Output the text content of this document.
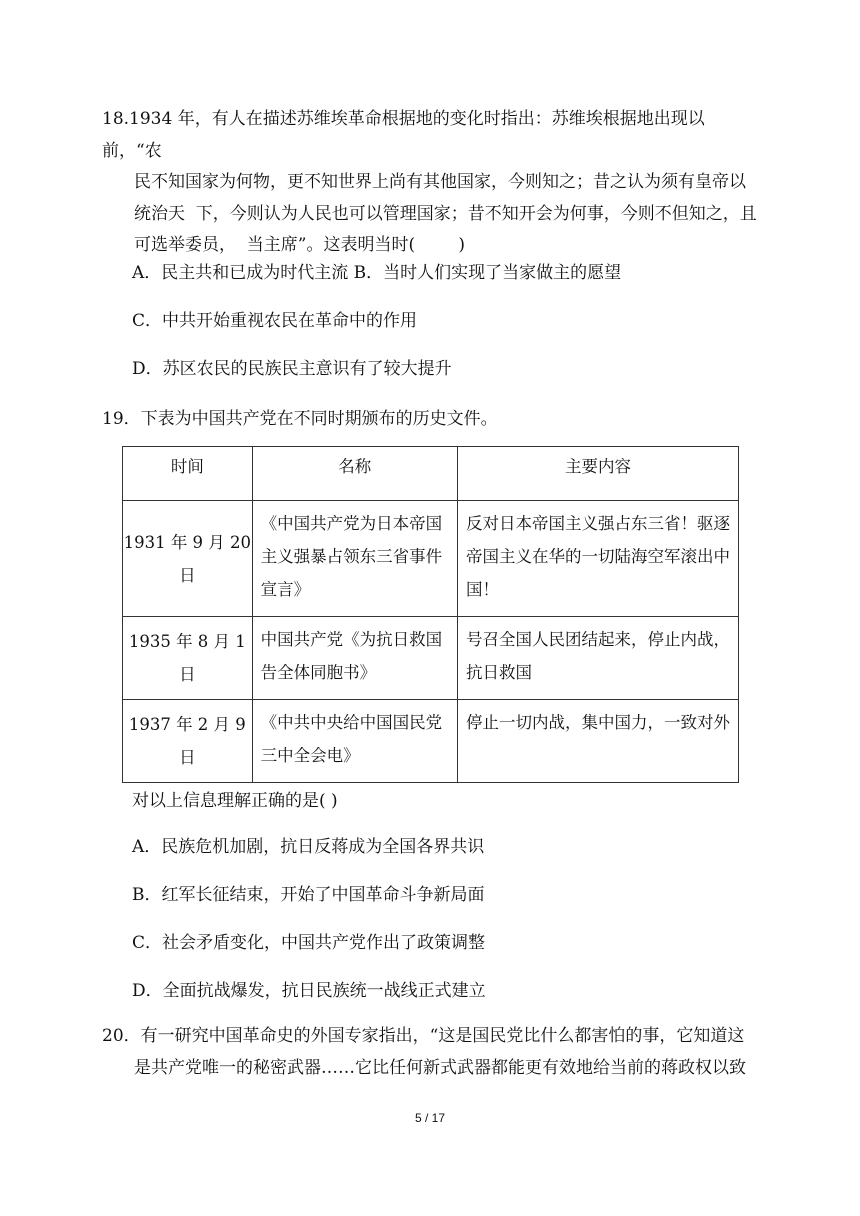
18.1934 年，有人在描述苏维埃革命根据地的变化时指出：苏维埃根据地出现以前，“农

民不知国家为何物，更不知世界上尚有其他国家，今则知之；昔之认为须有皇帝以

统治天  下，今则认为人民也可以管理国家；昔不知开会为何事，今则不但知之，且

可选举委员，  当主席”。这表明当时(        )

A．民主共和已成为时代主流 B．当时人们实现了当家做主的愿望
C．中共开始重视农民在革命中的作用
D．苏区农民的民族民主意识有了较大提升
19．下表为中国共产党在不同时期颁布的历史文件。
时间	名称	主要内容
1931 年 9 月 20 日	《中国共产党为日本帝国主义强暴占领东三省事件宣言》	反对日本帝国主义强占东三省！驱逐帝国主义在华的一切陆海空军滚出中国！
1935 年 8 月 1 日	中国共产党《为抗日救国告全体同胞书》	号召全国人民团结起来，停止内战，抗日救国
1937 年 2 月 9 日	《中共中央给中国国民党三中全会电》	停止一切内战，集中国力，一致对外
对以上信息理解正确的是( )
A．民族危机加剧，抗日反蒋成为全国各界共识
B．红军长征结束，开始了中国革命斗争新局面
C．社会矛盾变化，中国共产党作出了政策调整
D．全面抗战爆发，抗日民族统一战线正式建立

20．有一研究中国革命史的外国专家指出，“这是国民党比什么都害怕的事，它知道这

是共产党唯一的秘密武器……它比任何新式武器都能更有效地给当前的蒋政权以致

5 / 17
